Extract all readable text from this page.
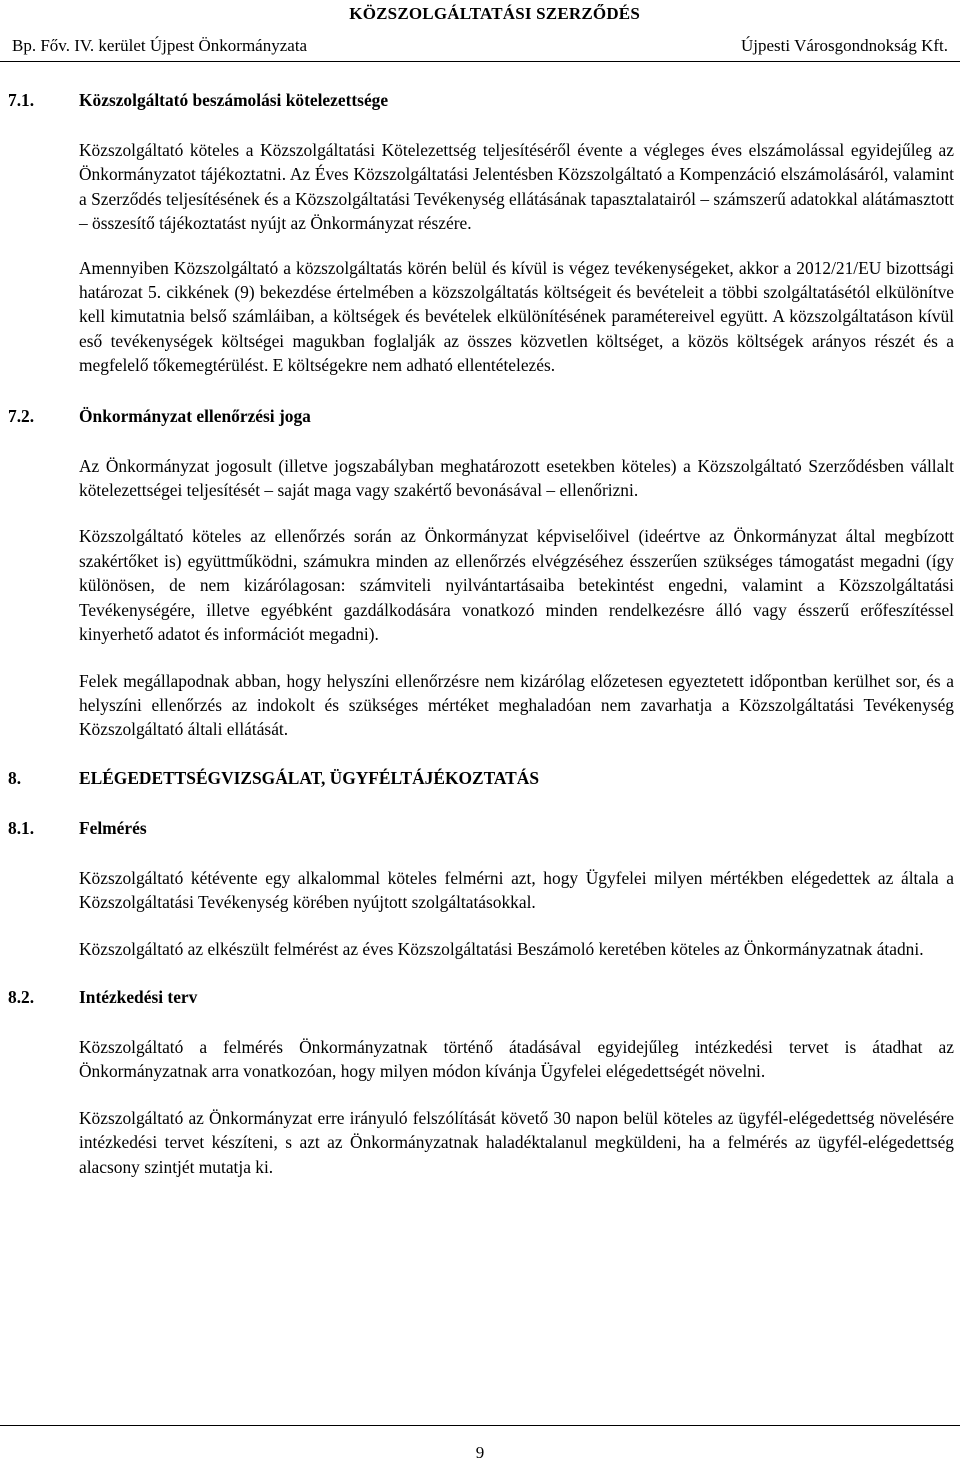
KÖZSZOLGÁLTATÁSI SZERZŐDÉS
Bp. Főv. IV. kerület Újpest Önkormányzata	Újpesti Városgondnokság Kft.
7.1.	Közszolgáltató beszámolási kötelezettsége

Közszolgáltató köteles a Közszolgáltatási Kötelezettség teljesítéséről évente a végleges éves elszámolással egyidejűleg az Önkormányzatot tájékoztatni. Az Éves Közszolgáltatási Jelentésben Közszolgáltató a Kompenzáció elszámolásáról, valamint a Szerződés teljesítésének és a Közszolgáltatási Tevékenység ellátásának tapasztalatairól – számszerű adatokkal alátámasztott – összesítő tájékoztatást nyújt az Önkormányzat részére.

Amennyiben Közszolgáltató a közszolgáltatás körén belül és kívül is végez tevékenységeket, akkor a 2012/21/EU bizottsági határozat 5. cikkének (9) bekezdése értelmében a közszolgáltatás költségeit és bevételeit a többi szolgáltatásétól elkülönítve kell kimutatnia belső számláiban, a költségek és bevételek elkülönítésének paramétereivel együtt. A közszolgáltatáson kívül eső tevékenységek költségei magukban foglalják az összes közvetlen költséget, a közös költségek arányos részét és a megfelelő tőkemegtérülést. E költségekre nem adható ellentételezés.

7.2.	Önkormányzat ellenőrzési joga

Az Önkormányzat jogosult (illetve jogszabályban meghatározott esetekben köteles) a Közszolgáltató Szerződésben vállalt kötelezettségei teljesítését – saját maga vagy szakértő bevonásával – ellenőrizni.

Közszolgáltató köteles az ellenőrzés során az Önkormányzat képviselőivel (ideértve az Önkormányzat által megbízott szakértőket is) együttműködni, számukra minden az ellenőrzés elvégzéséhez ésszerűen szükséges támogatást megadni (így különösen, de nem kizárólagosan: számviteli nyilvántartásaiba betekintést engedni, valamint a Közszolgáltatási Tevékenységére, illetve egyébként gazdálkodására vonatkozó minden rendelkezésre álló vagy ésszerű erőfeszítéssel kinyerhető adatot és információt megadni).

Felek megállapodnak abban, hogy helyszíni ellenőrzésre nem kizárólag előzetesen egyeztetett időpontban kerülhet sor, és a helyszíni ellenőrzés az indokolt és szükséges mértéket meghaladóan nem zavarhatja a Közszolgáltatási Tevékenység Közszolgáltató általi ellátását.

8.	ELÉGEDETTSÉGVIZSGÁLAT, ÜGYFÉLTÁJÉKOZTATÁS
8.1.	Felmérés

Közszolgáltató kétévente egy alkalommal köteles felmérni azt, hogy Ügyfelei milyen mértékben elégedettek az általa a Közszolgáltatási Tevékenység körében nyújtott szolgáltatásokkal.

Közszolgáltató az elkészült felmérést az éves Közszolgáltatási Beszámoló keretében köteles az Önkormányzatnak átadni.

8.2.	Intézkedési terv

Közszolgáltató a felmérés Önkormányzatnak történő átadásával egyidejűleg intézkedési tervet is átadhat az Önkormányzatnak arra vonatkozóan, hogy milyen módon kívánja Ügyfelei elégedettségét növelni.

Közszolgáltató az Önkormányzat erre irányuló felszólítását követő 30 napon belül köteles az ügyfél-elégedettség növelésére intézkedési tervet készíteni, s azt az Önkormányzatnak haladéktalanul megküldeni, ha a felmérés az ügyfél-elégedettség alacsony szintjét mutatja ki.

9
